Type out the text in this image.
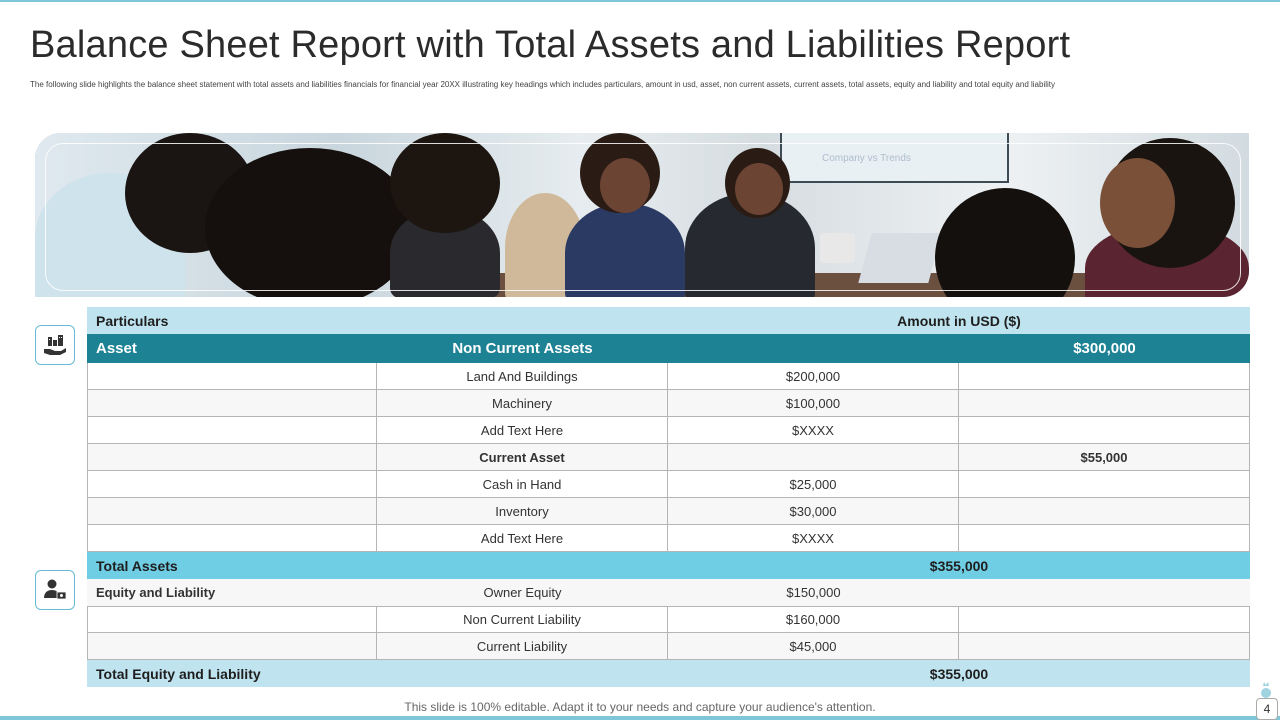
Balance Sheet Report with Total Assets and Liabilities Report
The following slide highlights the balance sheet statement with total assets and liabilities financials for financial year 20XX illustrating key headings which includes particulars, amount in usd, asset, non current assets, current assets, total assets, equity and liability and total equity and liability
Company vs Trends
Particulars	Amount in USD ($)
Asset	Non Current Assets	$300,000
Land And Buildings	$200,000
Machinery	$100,000
Add Text Here	$XXXX
Current Asset	$55,000
Cash in Hand	$25,000
Inventory	$30,000
Add Text Here	$XXXX
Total Assets	$355,000
Equity and Liability	Owner Equity	$150,000
Non Current Liability	$160,000
Current Liability	$45,000
Total Equity and Liability	$355,000
This slide is 100% editable. Adapt it to your needs and capture your audience's attention.	4
